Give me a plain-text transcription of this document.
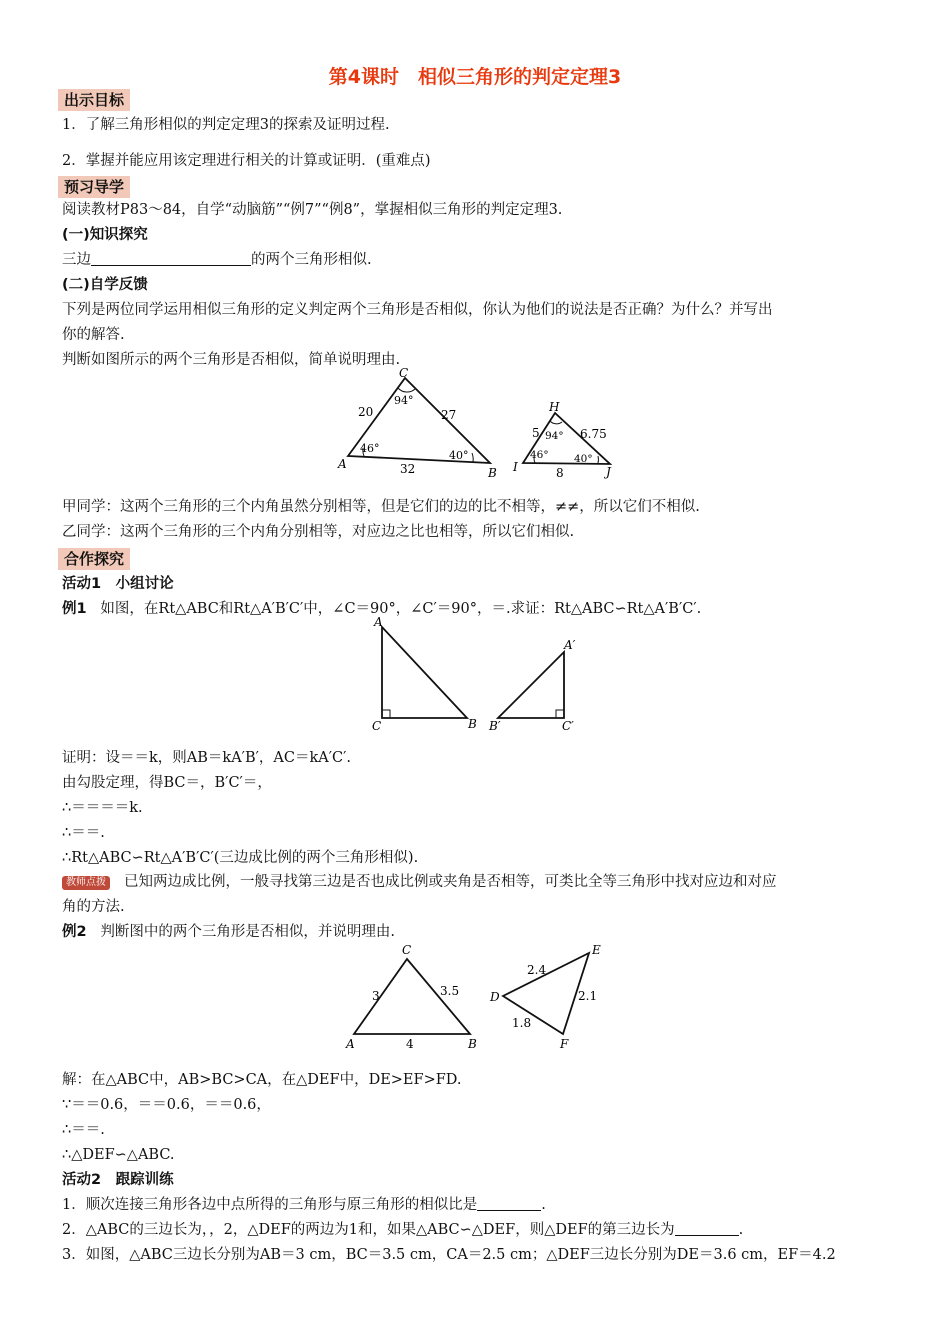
第4课时　相似三角形的判定定理3
出示目标
1．了解三角形相似的判定定理3的探索及证明过程.
2．掌握并能应用该定理进行相关的计算或证明．(重难点)
预习导学
阅读教材P83～84，自学“动脑筋”“例7”“例8”，掌握相似三角形的判定定理3.
(一)知识探究
三边	的两个三角形相似.
(二)自学反馈
下列是两位同学运用相似三角形的定义判定两个三角形是否相似，你认为他们的说法是否正确？为什么？并写出
你的解答.
判断如图所示的两个三角形是否相似，简单说明理由.
A
B
C
20	27
32
94°
46°
40°
I	J
H
5	6.75
8
94°
46° 40°
甲同学：这两个三角形的三个内角虽然分别相等，但是它们的边的比不相等，≠≠，所以它们不相似.
乙同学：这两个三角形的三个内角分别相等，对应边之比也相等，所以它们相似.
合作探究
活动1　小组讨论
例1 如图，在Rt△ABC和Rt△A′B′C′中，∠C＝90°，∠C′＝90°，＝.求证：Rt△ABC∽Rt△A′B′C′.
A
C	B
A′
B′	C′
证明：设＝＝k，则AB＝kA′B′，AC＝kA′C′.
由勾股定理，得BC＝，B′C′＝，
∴＝＝＝＝k.
∴＝＝.
∴Rt△ABC∽Rt△A′B′C′(三边成比例的两个三角形相似).
教师点拨 已知两边成比例，一般寻找第三边是否也成比例或夹角是否相等，可类比全等三角形中找对应边和对应
角的方法.
例2 判断图中的两个三角形是否相似，并说明理由.
A	B
C
3	3.5
4
D
E
F
2.4
2.1
1.8
解：在△ABC中，AB>BC>CA，在△DEF中，DE>EF>FD.
∵＝＝0.6，＝＝0.6，＝＝0.6，
∴＝＝.
∴△DEF∽△ABC.
活动2　跟踪训练
1．顺次连接三角形各边中点所得的三角形与原三角形的相似比是	.
2．△ABC的三边长为，，2，△DEF的两边为1和，如果△ABC∽△DEF，则△DEF的第三边长为	.
3．如图，△ABC三边长分别为AB＝3 cm，BC＝3.5 cm，CA＝2.5 cm；△DEF三边长分别为DE＝3.6 cm，EF＝4.2
